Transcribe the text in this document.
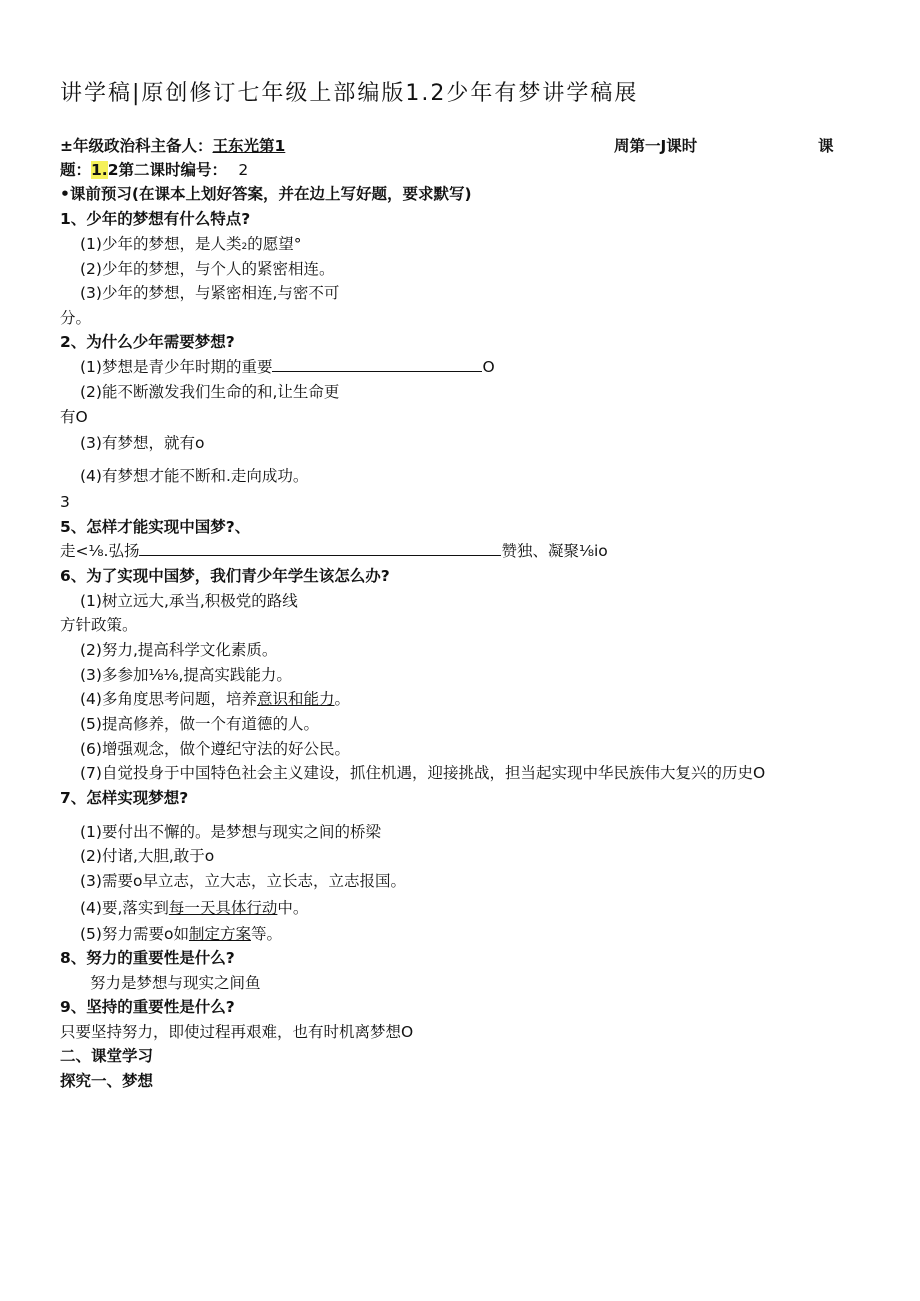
讲学稿|原创修订七年级上部编版1.2少年有梦讲学稿展
±年级政治科主备人：王东光第1	周第一J课时	课
题：1.2第二课时编号： 2
•课前预习(在课本上划好答案，并在边上写好题，要求默写)
1、少年的梦想有什么特点?
(1)少年的梦想，是人类2的愿望°
(2)少年的梦想，与个人的紧密相连。
(3)少年的梦想，与紧密相连,与密不可
分。
2、为什么少年需要梦想?
(1)梦想是青少年时期的重要	O
(2)能不断激发我们生命的和,让生命更
有O
(3)有梦想，就有o
(4)有梦想才能不断和.走向成功。
3
5、怎样才能实现中国梦?、
走<⅛.弘扬	赞独、凝聚⅛io
6、为了实现中国梦，我们青少年学生该怎么办?
(1)树立远大,承当,积极党的路线
方针政策。
(2)努力,提高科学文化素质。
(3)多参加⅛⅛,提高实践能力。
(4)多角度思考问题，培养意识和能力。
(5)提高修养，做一个有道德的人。
(6)增强观念，做个遵纪守法的好公民。
(7)自觉投身于中国特色社会主义建设，抓住机遇，迎接挑战，担当起实现中华民族伟大复兴的历史O
7、怎样实现梦想?
(1)要付出不懈的。是梦想与现实之间的桥梁
(2)付诸,大胆,敢于o
(3)需要o早立志，立大志，立长志，立志报国。
(4)要,落实到每一天具体行动中。
(5)努力需要o如制定方案等。
8、努力的重要性是什么?
努力是梦想与现实之间鱼
9、坚持的重要性是什么?
只要坚持努力，即使过程再艰难，也有时机离梦想O
二、课堂学习
探究一、梦想
